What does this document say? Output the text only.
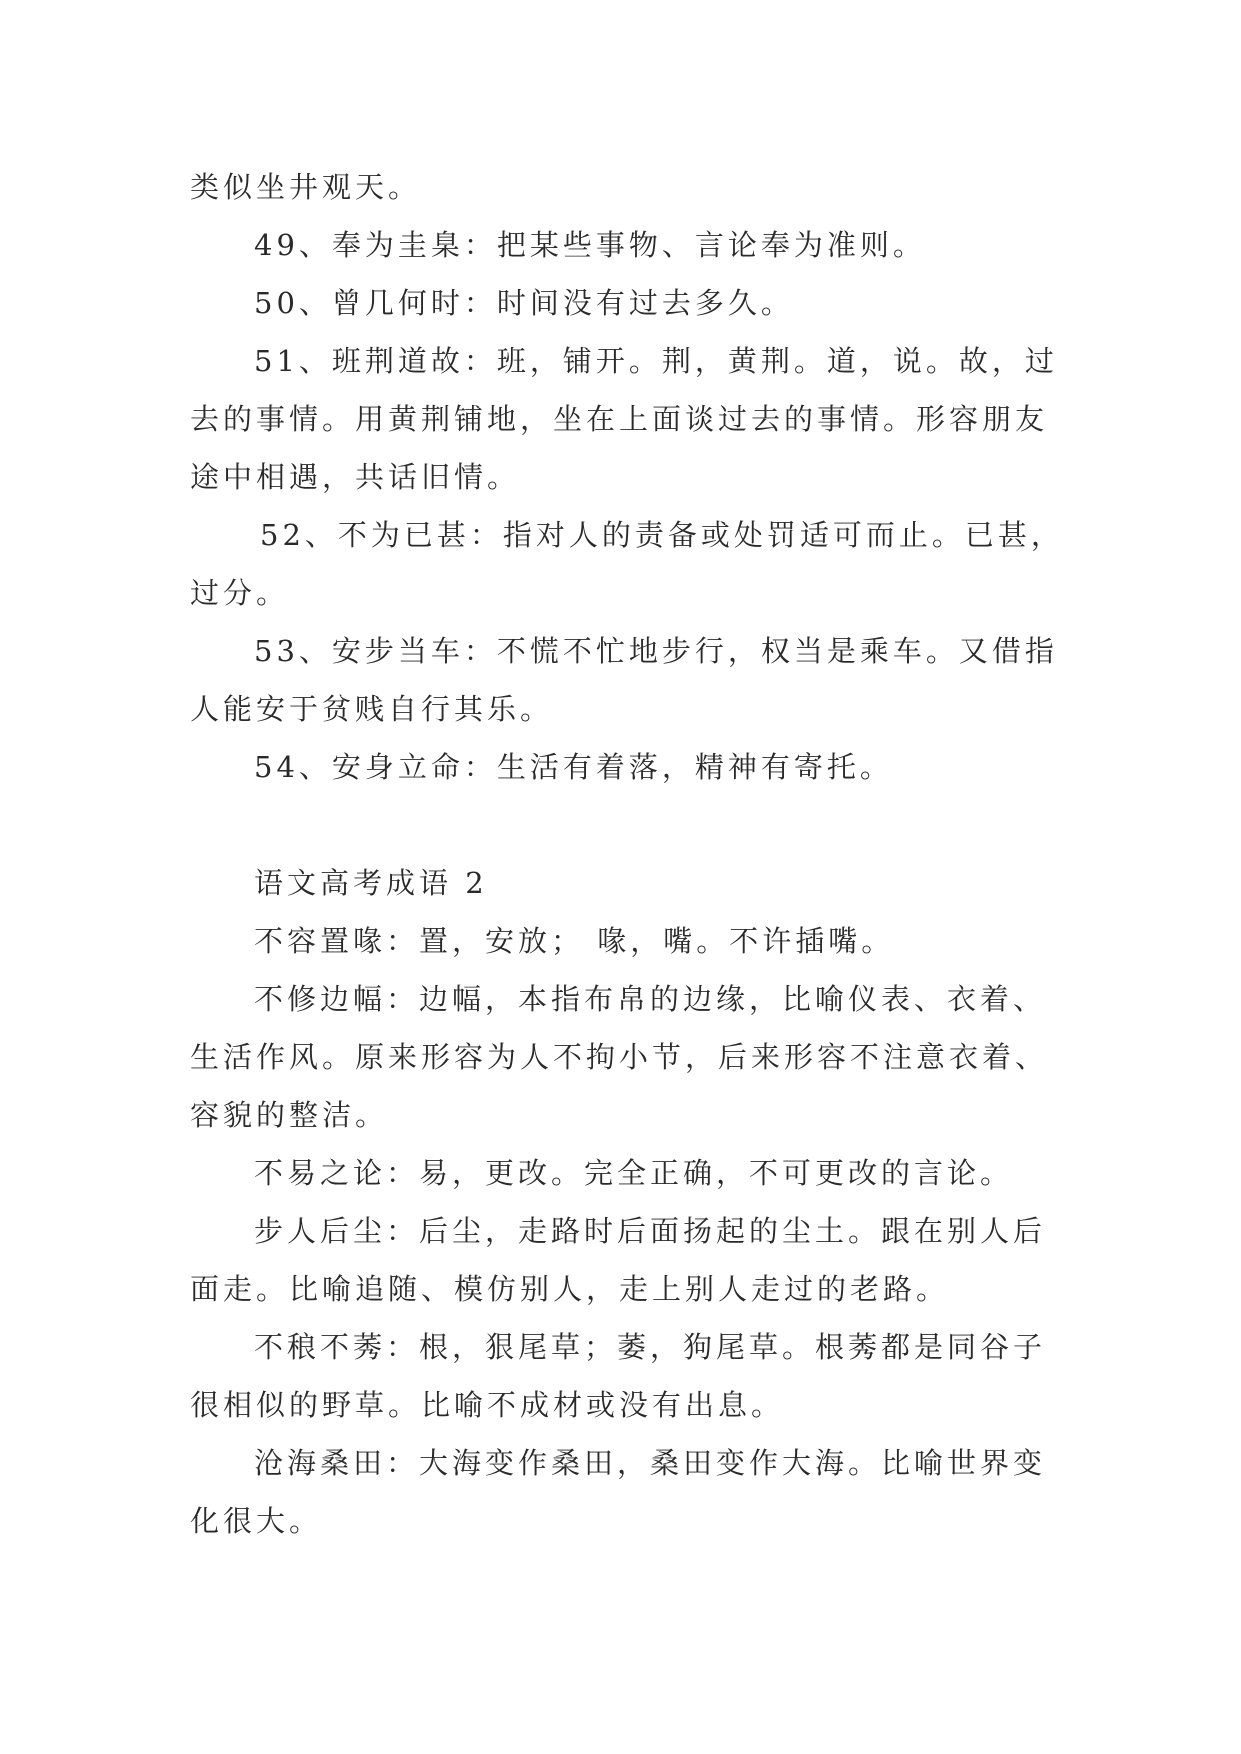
类似坐井观天。

49、奉为圭臬：把某些事物、言论奉为准则。

50、曾几何时：时间没有过去多久。

51、班荆道故：班，铺开。荆，黄荆。道，说。故，过

去的事情。用黄荆铺地，坐在上面谈过去的事情。形容朋友

途中相遇，共话旧情。

52、不为已甚：指对人的责备或处罚适可而止。已甚，

过分。

53、安步当车：不慌不忙地步行，权当是乘车。又借指

人能安于贫贱自行其乐。

54、安身立命：生活有着落，精神有寄托。

语文高考成语 2

不容置喙：置，安放； 喙，嘴。不许插嘴。

不修边幅：边幅，本指布帛的边缘，比喻仪表、衣着、

生活作风。原来形容为人不拘小节，后来形容不注意衣着、

容貌的整洁。

不易之论：易，更改。完全正确，不可更改的言论。

步人后尘：后尘，走路时后面扬起的尘土。跟在别人后

面走。比喻追随、模仿别人，走上别人走过的老路。

不稂不莠：根，狠尾草；萎，狗尾草。根莠都是同谷子

很相似的野草。比喻不成材或没有出息。

沧海桑田：大海变作桑田，桑田变作大海。比喻世界变

化很大。
